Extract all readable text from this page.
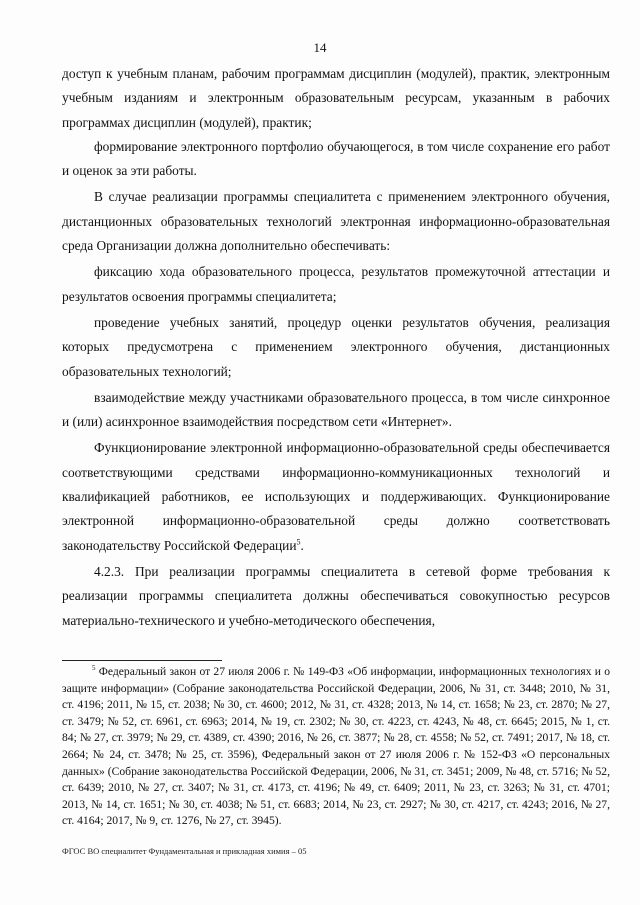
14

доступ к учебным планам, рабочим программам дисциплин (модулей), практик, электронным учебным изданиям и электронным образовательным ресурсам, указанным в рабочих программах дисциплин (модулей), практик;

формирование электронного портфолио обучающегося, в том числе сохранение его работ и оценок за эти работы.

В случае реализации программы специалитета с применением электронного обучения, дистанционных образовательных технологий электронная информационно-образовательная среда Организации должна дополнительно обеспечивать:

фиксацию хода образовательного процесса, результатов промежуточной аттестации и результатов освоения программы специалитета;

проведение учебных занятий, процедур оценки результатов обучения, реализация которых предусмотрена с применением электронного обучения, дистанционных образовательных технологий;

взаимодействие между участниками образовательного процесса, в том числе синхронное и (или) асинхронное взаимодействия посредством сети «Интернет».

Функционирование электронной информационно-образовательной среды обеспечивается соответствующими средствами информационно-коммуникационных технологий и квалификацией работников, ее использующих и поддерживающих. Функционирование электронной информационно-образовательной среды должно соответствовать законодательству Российской Федерации$^5$.

4.2.3. При реализации программы специалитета в сетевой форме требования к реализации программы специалитета должны обеспечиваться совокупностью ресурсов материально-технического и учебно-методического обеспечения,

$^5$ Федеральный закон от 27 июля 2006 г. № 149-ФЗ «Об информации, информационных технологиях и о защите информации» (Собрание законодательства Российской Федерации, 2006, № 31, ст. 3448; 2010, № 31, ст. 4196; 2011, № 15, ст. 2038; № 30, ст. 4600; 2012, № 31, ст. 4328; 2013, № 14, ст. 1658; № 23, ст. 2870; № 27, ст. 3479; № 52, ст. 6961, ст. 6963; 2014, № 19, ст. 2302; № 30, ст. 4223, ст. 4243, № 48, ст. 6645; 2015, № 1, ст. 84; № 27, ст. 3979; № 29, ст. 4389, ст. 4390; 2016, № 26, ст. 3877; № 28, ст. 4558; № 52, ст. 7491; 2017, № 18, ст. 2664; № 24, ст. 3478; № 25, ст. 3596), Федеральный закон от 27 июля 2006 г. № 152-ФЗ «О персональных данных» (Собрание законодательства Российской Федерации, 2006, № 31, ст. 3451; 2009, № 48, ст. 5716; № 52, ст. 6439; 2010, № 27, ст. 3407; № 31, ст. 4173, ст. 4196; № 49, ст. 6409; 2011, № 23, ст. 3263; № 31, ст. 4701; 2013, № 14, ст. 1651; № 30, ст. 4038; № 51, ст. 6683; 2014, № 23, ст. 2927; № 30, ст. 4217, ст. 4243; 2016, № 27, ст. 4164; 2017, № 9, ст. 1276, № 27, ст. 3945).

ФГОС ВО специалитет Фундаментальная и прикладная химия – 05
